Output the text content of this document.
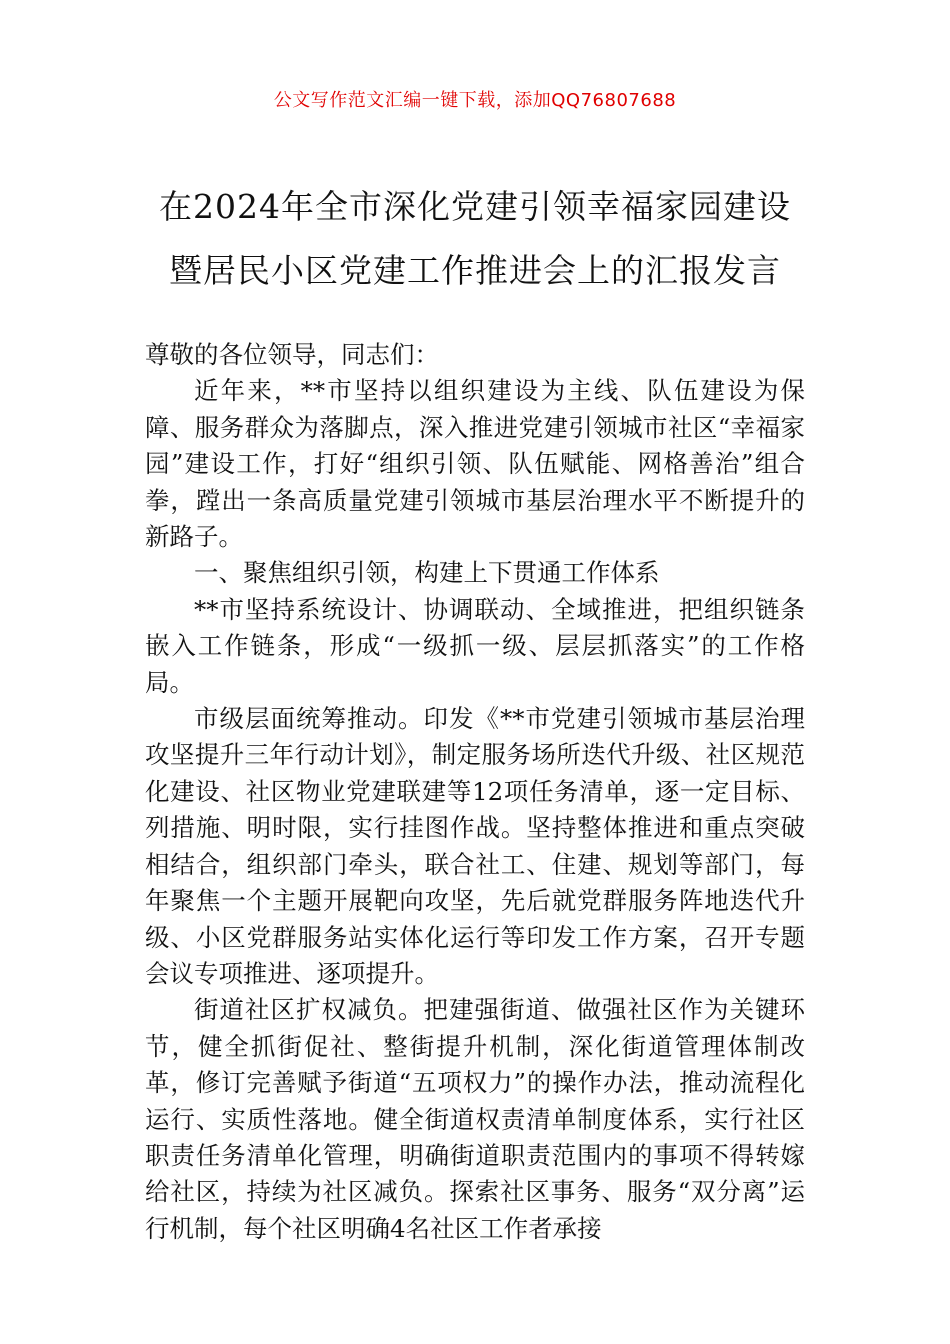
公文写作范文汇编一键下载，添加QQ76807688
在2024年全市深化党建引领幸福家园建设
暨居民小区党建工作推进会上的汇报发言

尊敬的各位领导，同志们：

近年来，**市坚持以组织建设为主线、队伍建设为保障、服务群众为落脚点，深入推进党建引领城市社区“幸福家园”建设工作，打好“组织引领、队伍赋能、网格善治”组合拳，蹚出一条高质量党建引领城市基层治理水平不断提升的新路子。

一、聚焦组织引领，构建上下贯通工作体系

**市坚持系统设计、协调联动、全域推进，把组织链条嵌入工作链条，形成“一级抓一级、层层抓落实”的工作格局。

市级层面统筹推动。印发《**市党建引领城市基层治理攻坚提升三年行动计划》，制定服务场所迭代升级、社区规范化建设、社区物业党建联建等12项任务清单，逐一定目标、列措施、明时限，实行挂图作战。坚持整体推进和重点突破相结合，组织部门牵头，联合社工、住建、规划等部门，每年聚焦一个主题开展靶向攻坚，先后就党群服务阵地迭代升级、小区党群服务站实体化运行等印发工作方案，召开专题会议专项推进、逐项提升。

街道社区扩权减负。把建强街道、做强社区作为关键环节，健全抓街促社、整街提升机制，深化街道管理体制改革，修订完善赋予街道“五项权力”的操作办法，推动流程化运行、实质性落地。健全街道权责清单制度体系，实行社区职责任务清单化管理，明确街道职责范围内的事项不得转嫁给社区，持续为社区减负。探索社区事务、服务“双分离”运行机制，每个社区明确4名社区工作者承接
